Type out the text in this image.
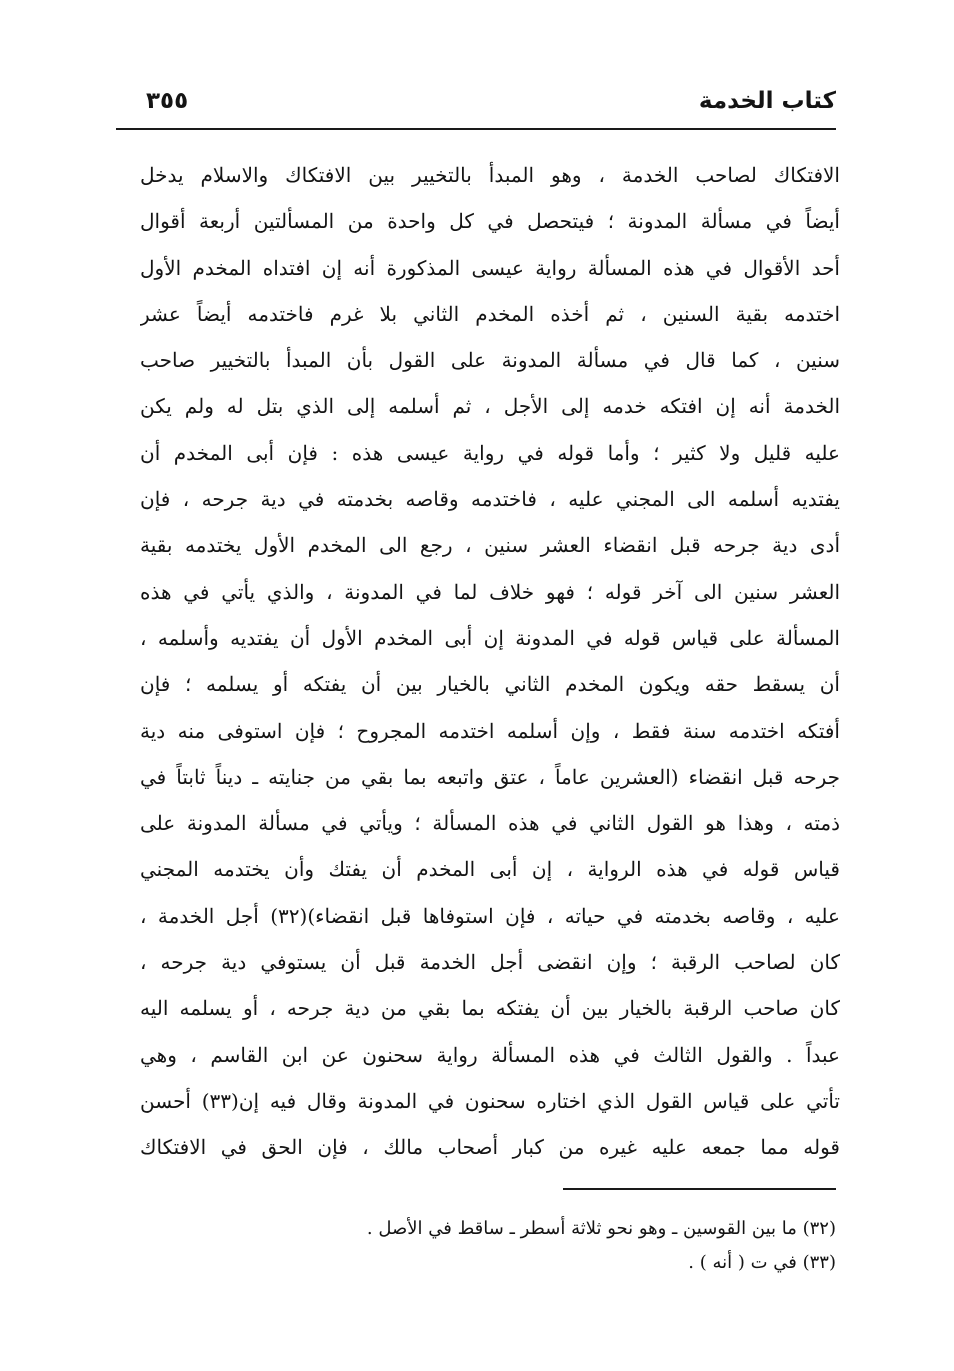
كتاب الخدمة
٣٥٥
الافتكاك لصاحب الخدمة ، وهو المبدأ بالتخيير بين الافتكاك والاسلام يدخل
أيضاً في مسألة المدونة ؛ فيتحصل في كل واحدة من المسألتين أربعة أقوال
أحد الأقوال في هذه المسألة رواية عيسى المذكورة أنه إن افتداه المخدم الأول
اختدمه بقية السنين ، ثم أخذه المخدم الثاني بلا غرم فاختدمه أيضاً عشر
سنين ، كما قال في مسألة المدونة على القول بأن المبدأ بالتخيير صاحب
الخدمة أنه إن افتكه خدمه إلى الأجل ، ثم أسلمه إلى الذي بتل له ولم يكن
عليه قليل ولا كثير ؛ وأما قوله في رواية عيسى هذه : فإن أبى المخدم أن
يفتديه أسلمه الى المجني عليه ، فاختدمه وقاصه بخدمته في دية جرحه ، فإن
أدى دية جرحه قبل انقضاء العشر سنين ، رجع الى المخدم الأول يختدمه بقية
العشر سنين الى آخر قوله ؛ فهو خلاف لما في المدونة ، والذي يأتي في هذه
المسألة على قياس قوله في المدونة إن أبى المخدم الأول أن يفتديه وأسلمه ،
أن يسقط حقه ويكون المخدم الثاني بالخيار بين أن يفتكه أو يسلمه ؛ فإن
أفتكه اختدمه سنة فقط ، وإن أسلمه اختدمه المجروح ؛ فإن استوفى منه دية
جرحه قبل انقضاء (العشرين عاماً ، عتق واتبعه بما بقي من جنايته ـ ديناً ثابتاً في
ذمته ، وهذا هو القول الثاني في هذه المسألة ؛ ويأتي في مسألة المدونة على
قياس قوله في هذه الرواية ، إن أبى المخدم أن يفتك وأن يختدمه المجني
عليه ، وقاصه بخدمته في حياته ، فإن استوفاها قبل انقضاء)(٣٢) أجل الخدمة ،
كان لصاحب الرقبة ؛ وإن انقضى أجل الخدمة قبل أن يستوفي دية جرحه ،
كان صاحب الرقبة بالخيار بين أن يفتكه بما بقي من دية جرحه ، أو يسلمه اليه
عبداً . والقول الثالث في هذه المسألة رواية سحنون عن ابن القاسم ، وهي
تأتي على قياس القول الذي اختاره سحنون في المدونة وقال فيه إن(٣٣) أحسن
قوله مما جمعه عليه غيره من كبار أصحاب مالك ، فإن الحق في الافتكاك
(٣٢) ما بين القوسين ـ وهو نحو ثلاثة أسطر ـ ساقط في الأصل .
(٣٣) في ت ( أنه ) .
